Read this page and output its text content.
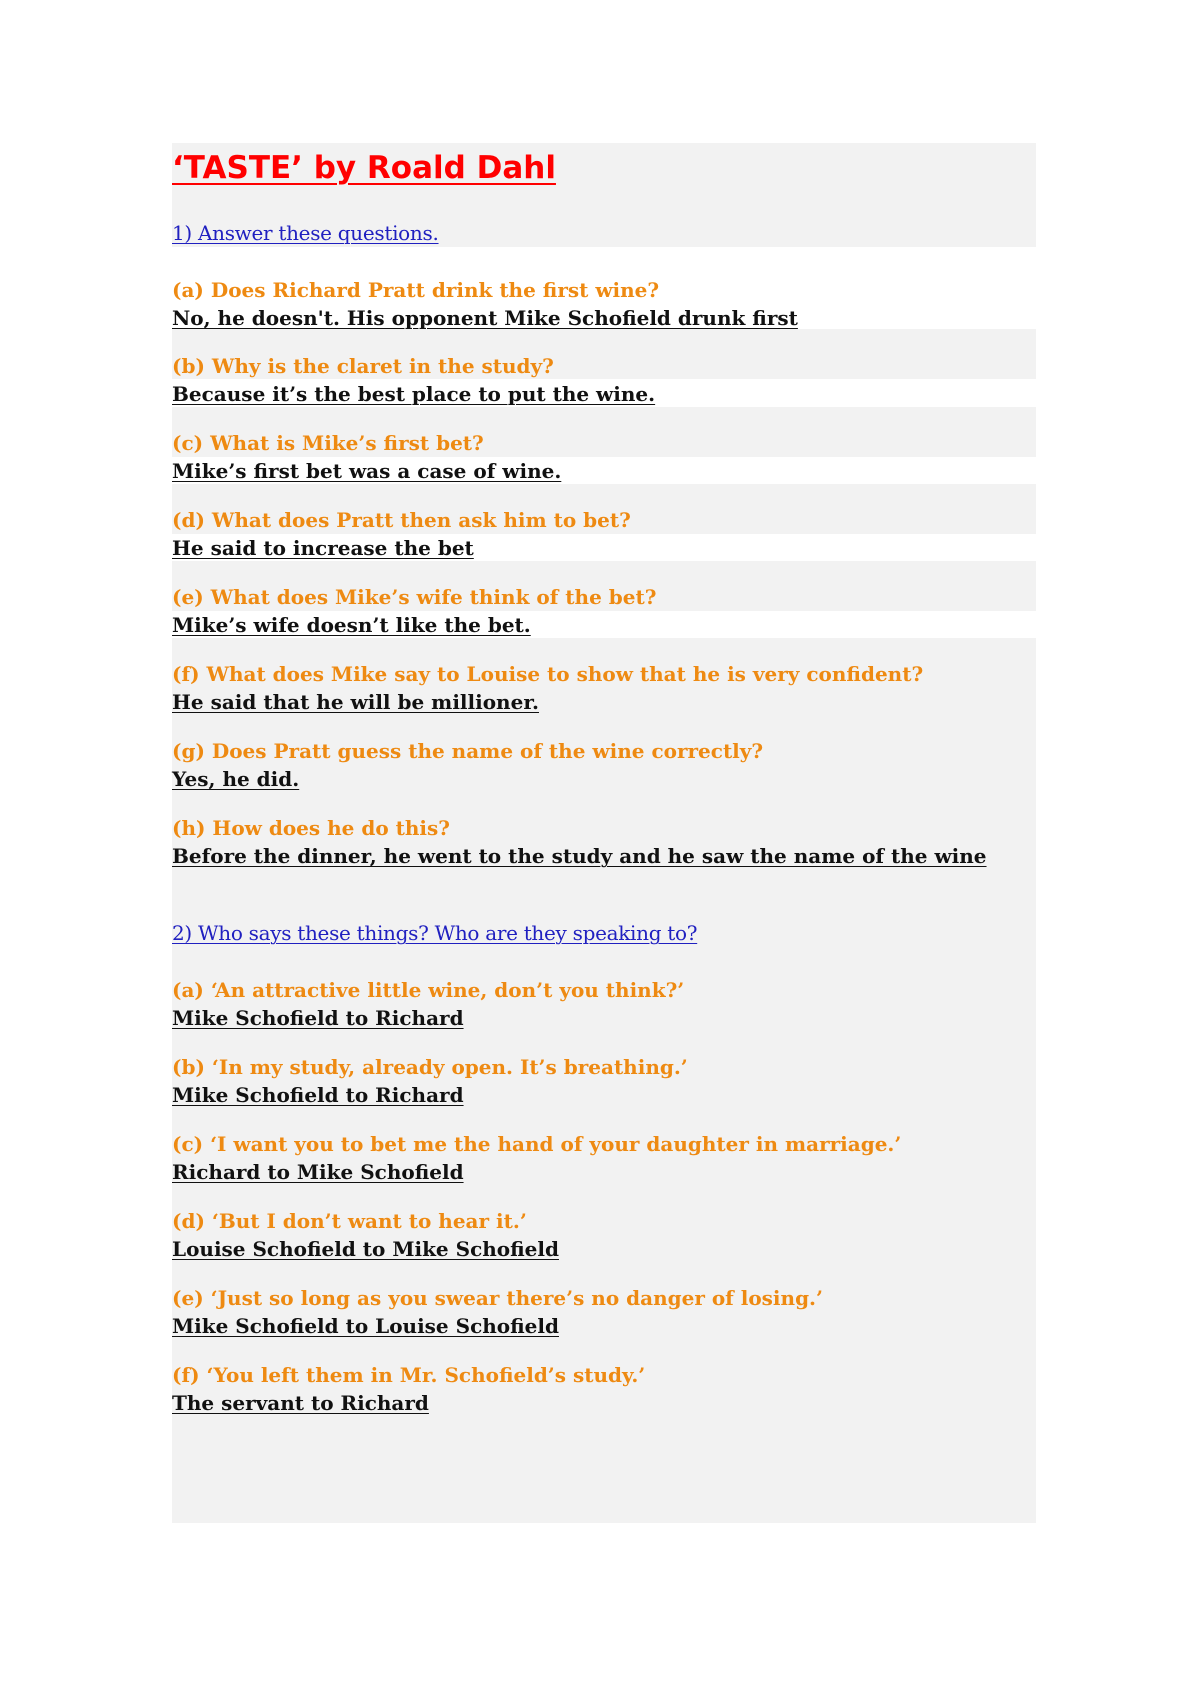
‘TASTE’ by Roald Dahl
1) Answer these questions.
(a) Does Richard Pratt drink the first wine?
No, he doesn't. His opponent Mike Schofield drunk first
(b) Why is the claret in the study?
Because it’s the best place to put the wine.
(c) What is Mike’s first bet?
Mike’s first bet was a case of wine.
(d) What does Pratt then ask him to bet?
He said to increase the bet
(e) What does Mike’s wife think of the bet?
Mike’s wife doesn’t like the bet.
(f) What does Mike say to Louise to show that he is very confident?
He said that he will be millioner.
(g) Does Pratt guess the name of the wine correctly?
Yes, he did.
(h) How does he do this?
Before the dinner, he went to the study and he saw the name of the wine
2) Who says these things? Who are they speaking to?
(a) ‘An attractive little wine, don’t you think?’
Mike Schofield to Richard
(b) ‘In my study, already open. It’s breathing.’
Mike Schofield to Richard
(c) ‘I want you to bet me the hand of your daughter in marriage.’
Richard to Mike Schofield
(d) ‘But I don’t want to hear it.’
Louise Schofield to Mike Schofield
(e) ‘Just so long as you swear there’s no danger of losing.’
Mike Schofield to Louise Schofield
(f) ‘You left them in Mr. Schofield’s study.’
The servant to Richard
